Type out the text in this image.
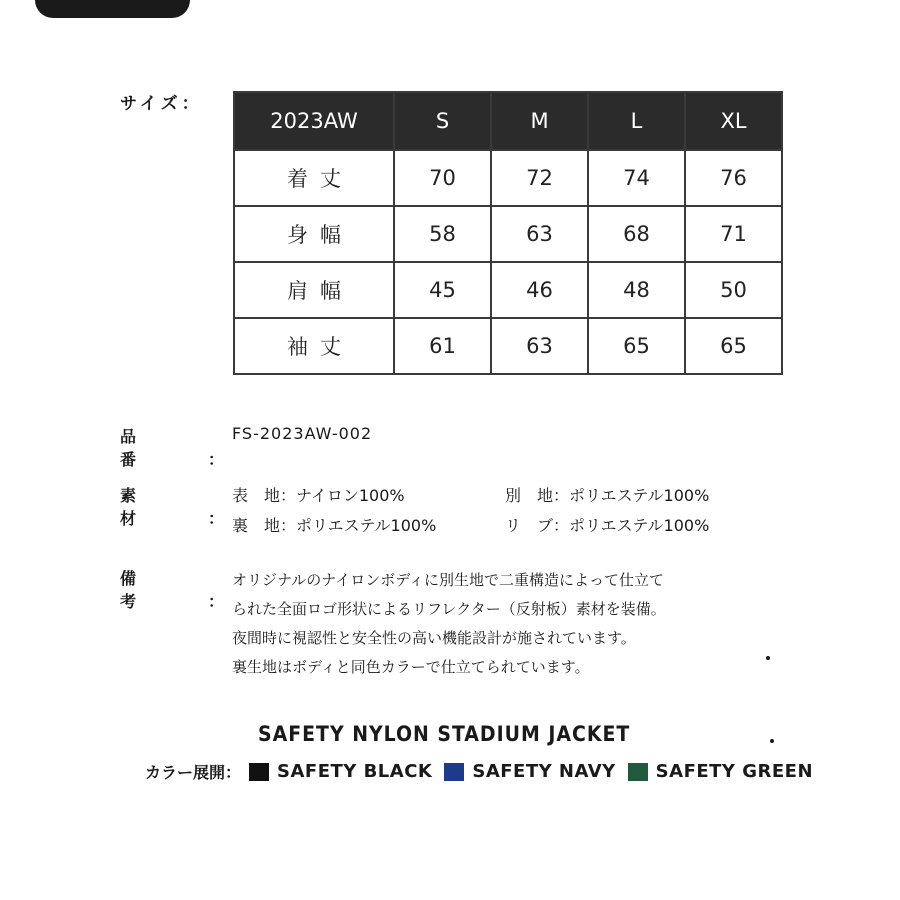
SUPPORT LOCAL RIDE
サイズ：
2023AW	S	M	L	XL
着丈	70	72	74	76
身幅	58	63	68	71
肩幅	45	46	48	50
袖丈	61	63	65	65
品番 ：
FS-2023AW-002
素材 ：
表　地：ナイロン100%	別　地：ポリエステル100%
裏　地：ポリエステル100%	リ　ブ：ポリエステル100%
備考 ：
オリジナルのナイロンボディに別生地で二重構造によって仕立て
られた全面ロゴ形状によるリフレクター（反射板）素材を装備。
夜間時に視認性と安全性の高い機能設計が施されています。
裏生地はボディと同色カラーで仕立てられています。
SAFETY NYLON STADIUM JACKET
カラー展開： SAFETY BLACK SAFETY NAVY SAFETY GREEN
